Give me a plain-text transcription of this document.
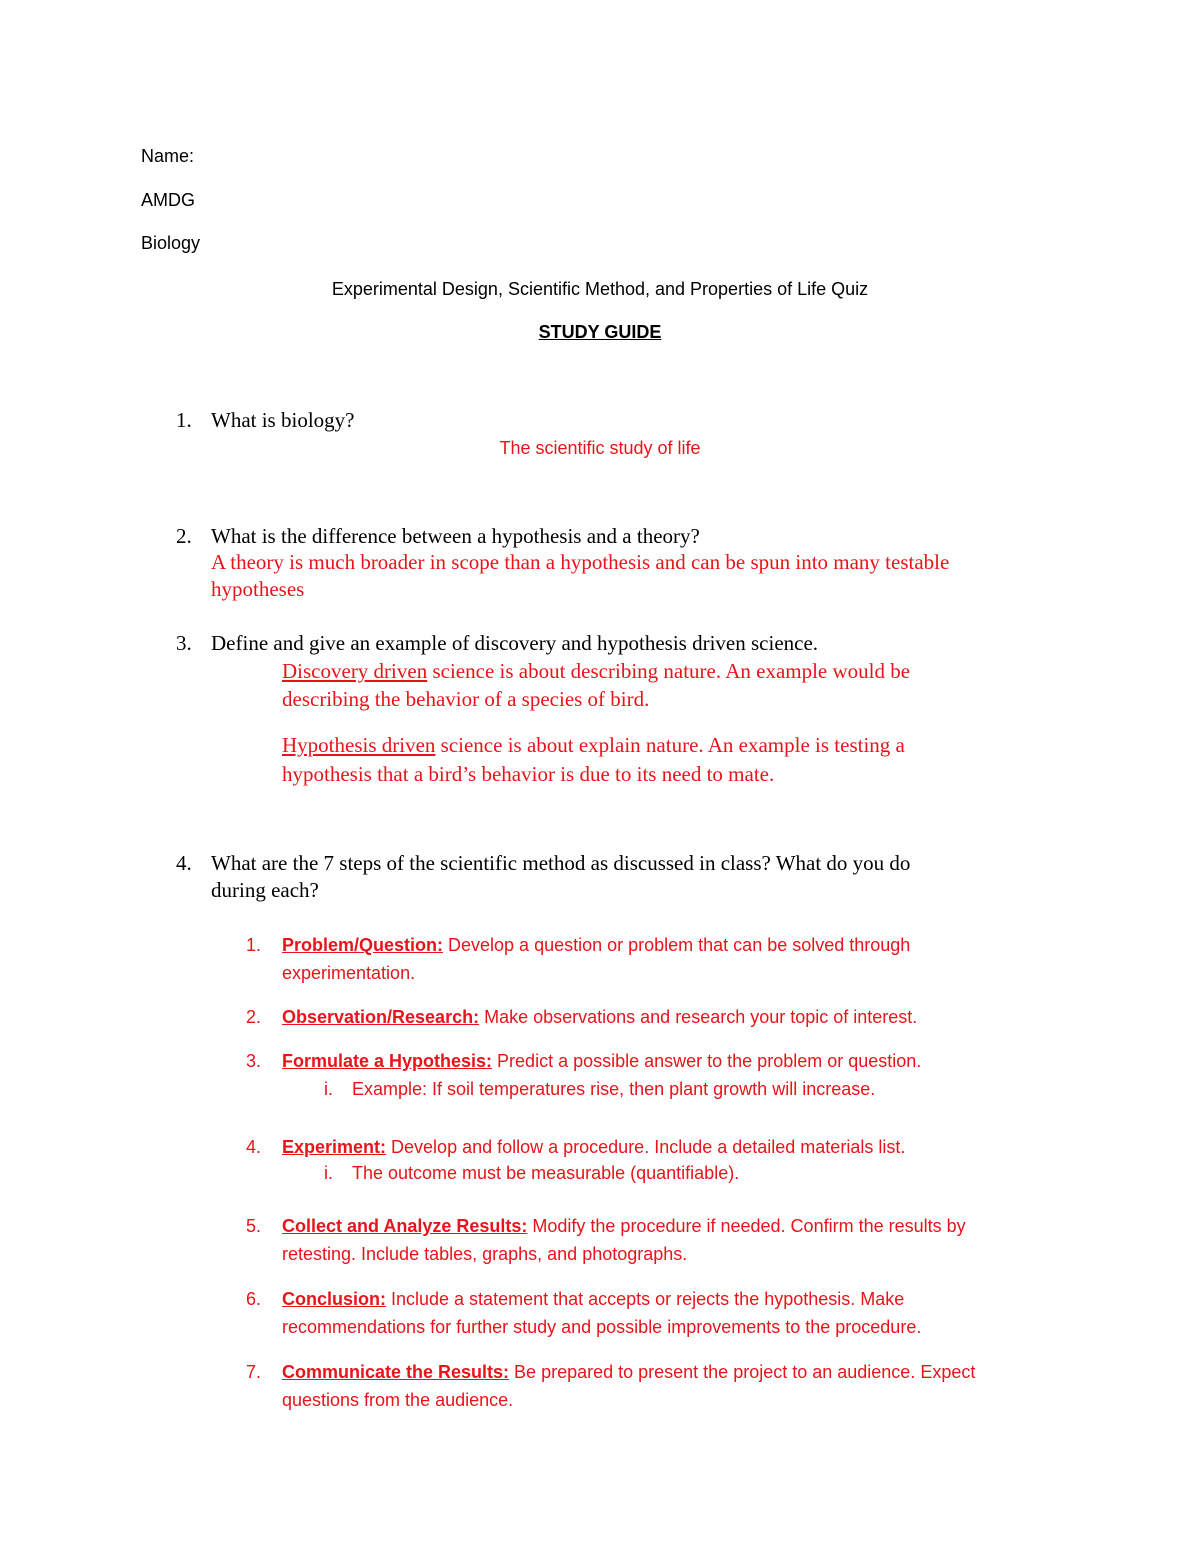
Name:
AMDG
Biology
Experimental Design, Scientific Method, and Properties of Life Quiz
STUDY GUIDE
1. What is biology?
The scientific study of life
2. What is the difference between a hypothesis and a theory?
A theory is much broader in scope than a hypothesis and can be spun into many testable
hypotheses
3. Define and give an example of discovery and hypothesis driven science.
Discovery driven science is about describing nature. An example would be
describing the behavior of a species of bird.
Hypothesis driven science is about explain nature. An example is testing a
hypothesis that a bird’s behavior is due to its need to mate.
4. What are the 7 steps of the scientific method as discussed in class? What do you do
during each?
1. Problem/Question: Develop a question or problem that can be solved through
experimentation.
2. Observation/Research: Make observations and research your topic of interest.
3. Formulate a Hypothesis: Predict a possible answer to the problem or question.
i. Example: If soil temperatures rise, then plant growth will increase.
4. Experiment: Develop and follow a procedure. Include a detailed materials list.
i. The outcome must be measurable (quantifiable).
5. Collect and Analyze Results: Modify the procedure if needed. Confirm the results by
retesting. Include tables, graphs, and photographs.
6. Conclusion: Include a statement that accepts or rejects the hypothesis. Make
recommendations for further study and possible improvements to the procedure.
7. Communicate the Results: Be prepared to present the project to an audience. Expect
questions from the audience.
